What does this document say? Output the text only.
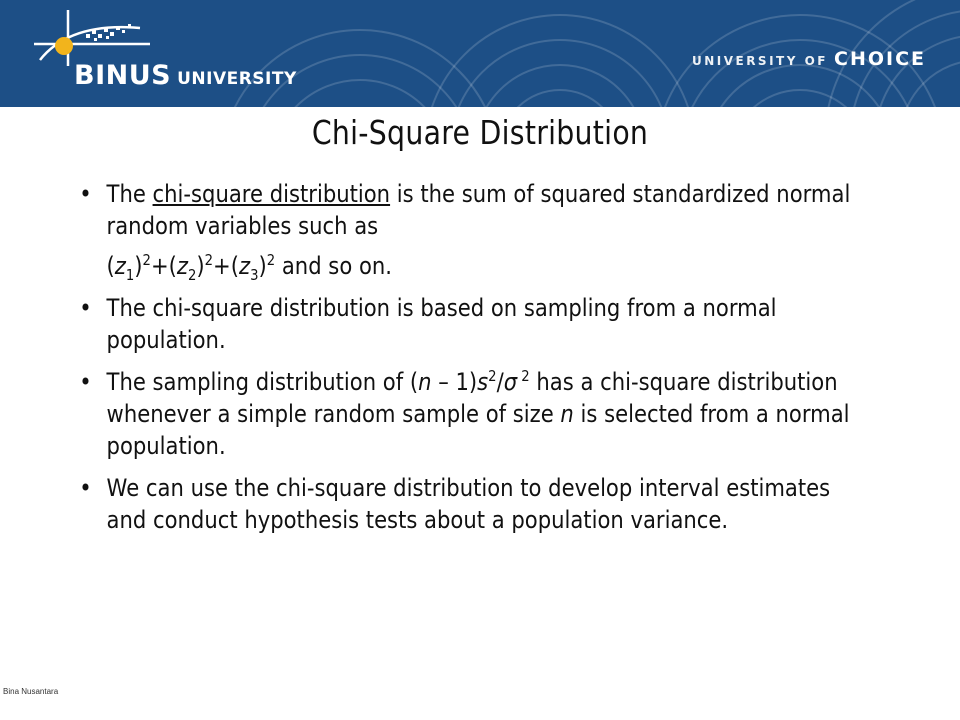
BINUS UNIVERSITY
UNIVERSITY OF CHOICE
Chi-Square Distribution
• The chi-square distribution is the sum of squared standardized normal random variables such as
$(z_1)^2+(z_2)^2+(z_3)^2$ and so on.
• The chi-square distribution is based on sampling from a normal population.
• The sampling distribution of $(n - 1)s^2/\sigma$ $^2$ has a chi-square distribution whenever a simple random sample of size n is selected from a normal population.
• We can use the chi-square distribution to develop interval estimates and conduct hypothesis tests about a population variance.
Bina Nusantara
